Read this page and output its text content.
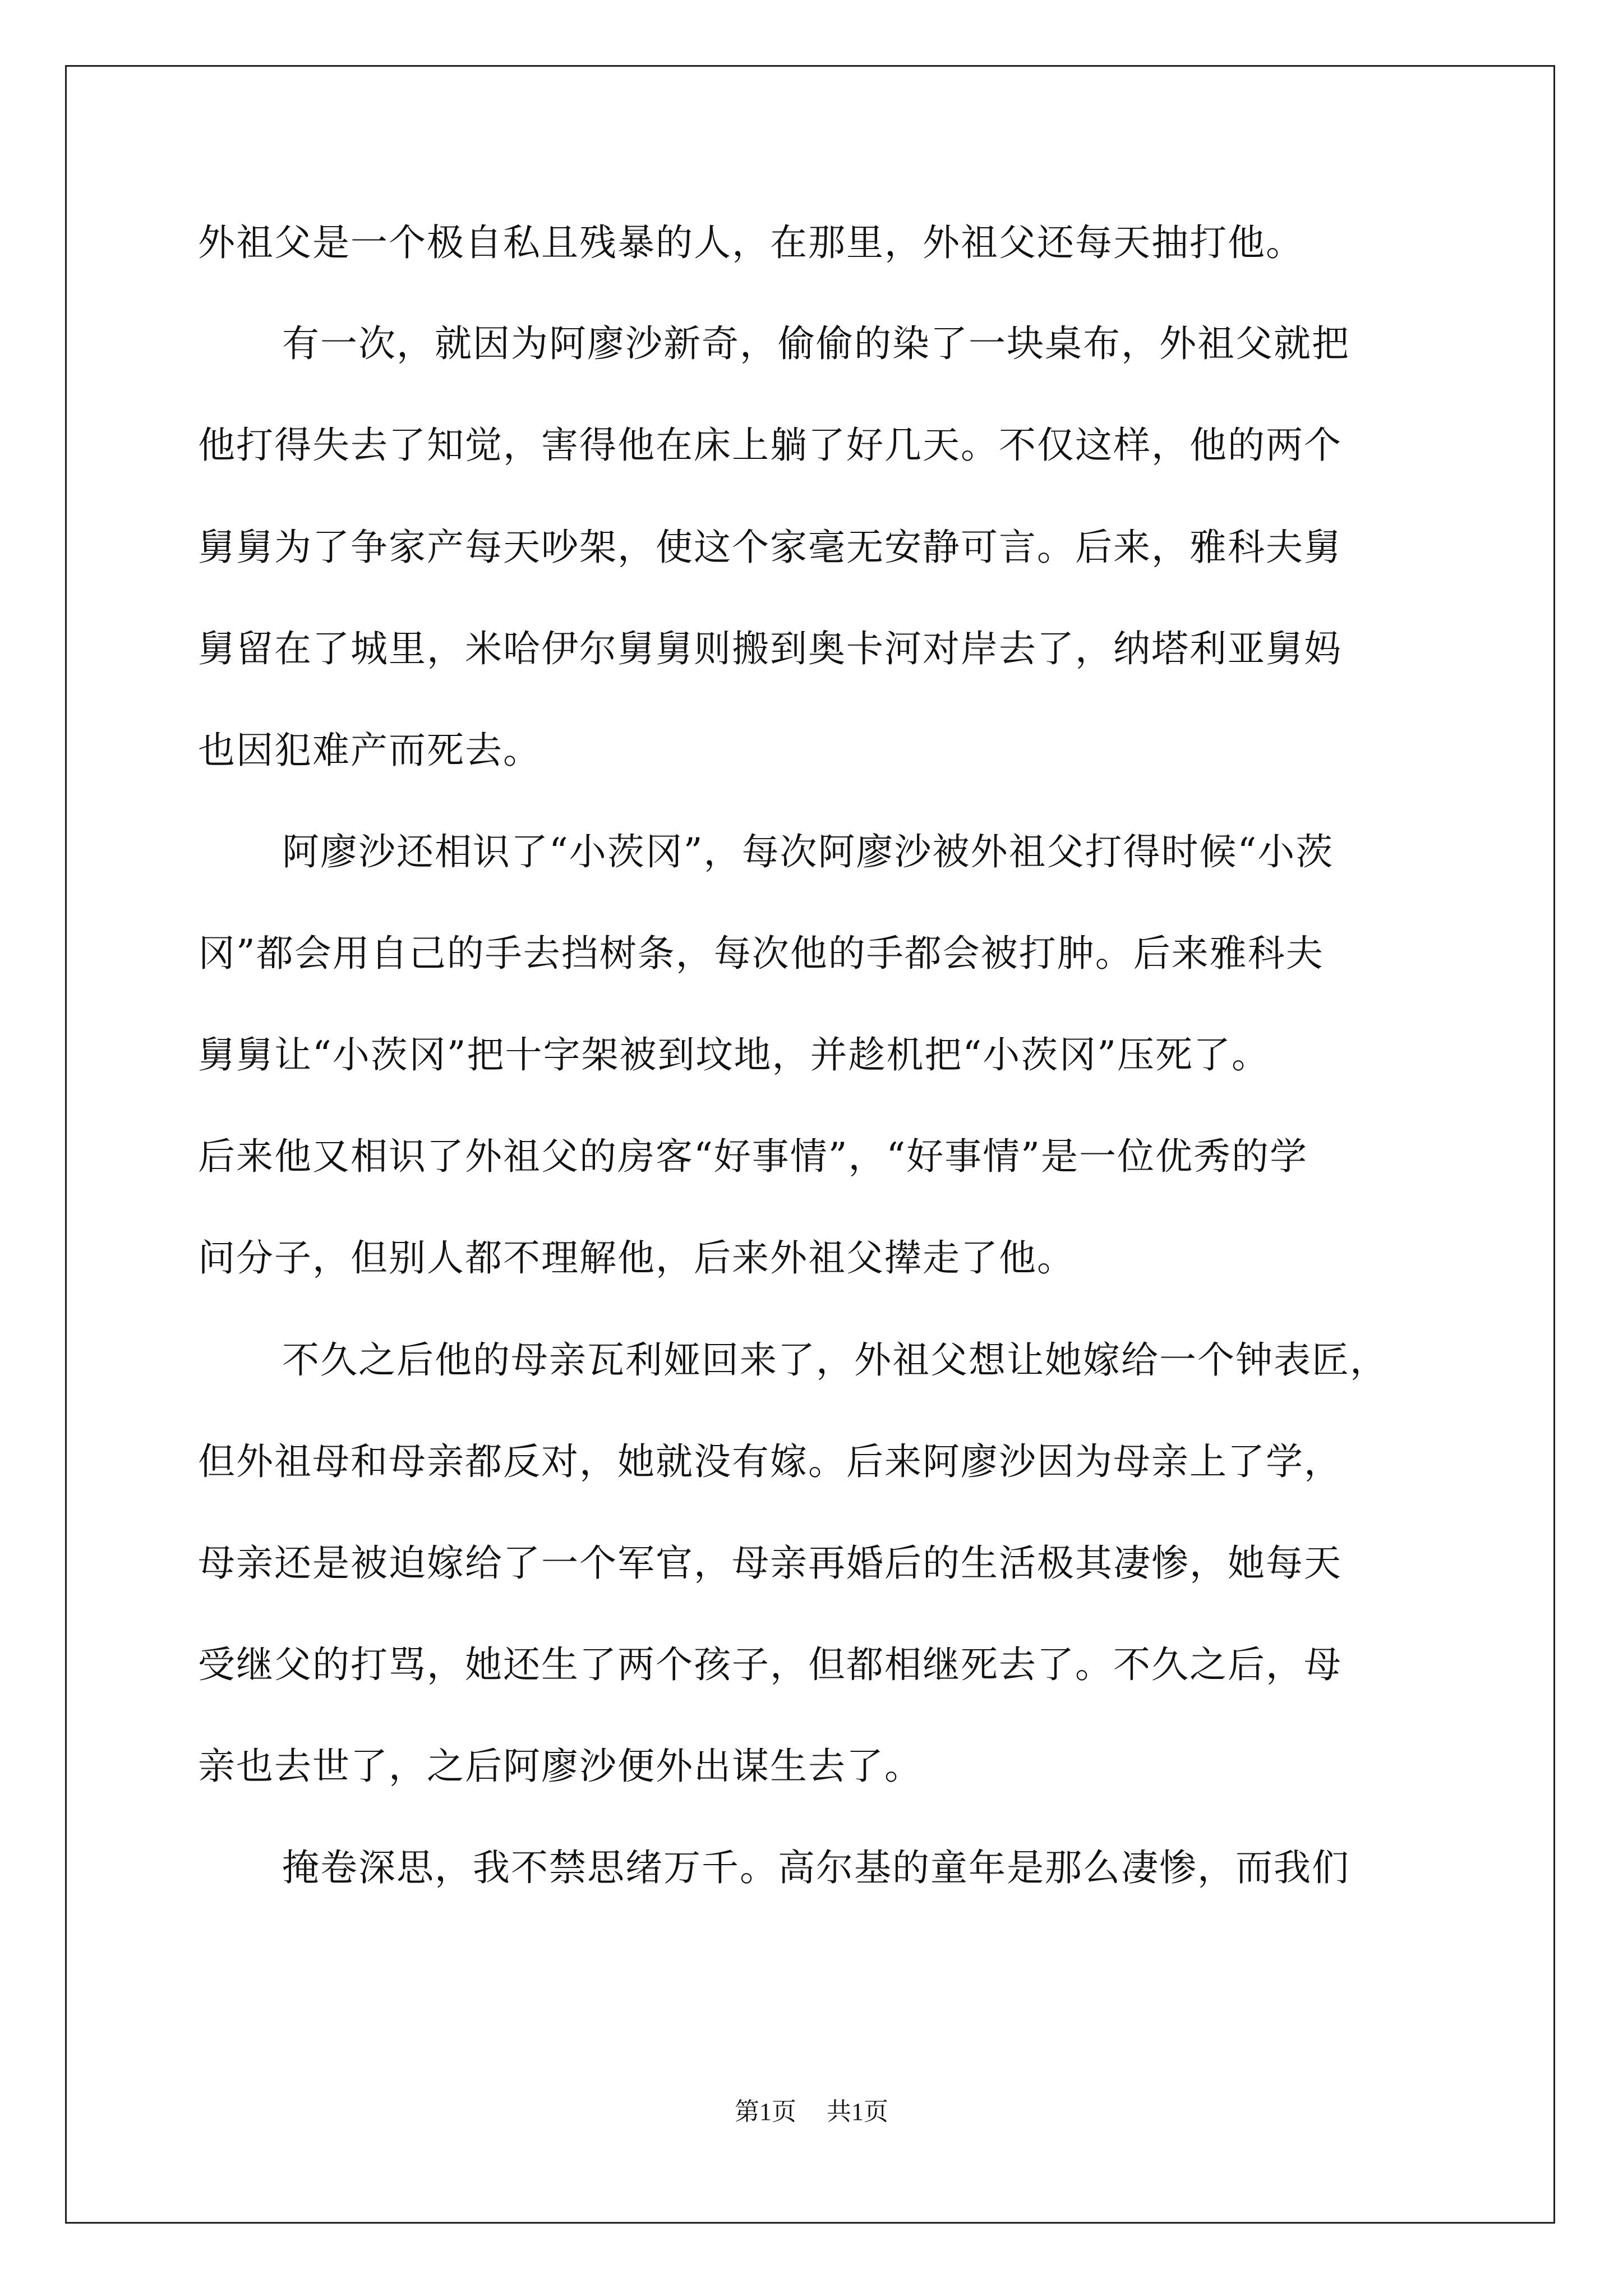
外祖父是一个极自私且残暴的人，在那里，外祖父还每天抽打他。
有一次，就因为阿廖沙新奇，偷偷的染了一块桌布，外祖父就把
他打得失去了知觉，害得他在床上躺了好几天。不仅这样，他的两个
舅舅为了争家产每天吵架，使这个家毫无安静可言。后来，雅科夫舅
舅留在了城里，米哈伊尔舅舅则搬到奥卡河对岸去了，纳塔利亚舅妈
也因犯难产而死去。
阿廖沙还相识了“小茨冈”，每次阿廖沙被外祖父打得时候“小茨
冈”都会用自己的手去挡树条，每次他的手都会被打肿。后来雅科夫
舅舅让“小茨冈”把十字架被到坟地，并趁机把“小茨冈”压死了。
后来他又相识了外祖父的房客“好事情”，“好事情”是一位优秀的学
问分子，但别人都不理解他，后来外祖父撵走了他。
不久之后他的母亲瓦利娅回来了，外祖父想让她嫁给一个钟表匠，
但外祖母和母亲都反对，她就没有嫁。后来阿廖沙因为母亲上了学，
母亲还是被迫嫁给了一个军官，母亲再婚后的生活极其凄惨，她每天
受继父的打骂，她还生了两个孩子，但都相继死去了。不久之后，母
亲也去世了，之后阿廖沙便外出谋生去了。
掩卷深思，我不禁思绪万千。高尔基的童年是那么凄惨，而我们
第1页 共1页
